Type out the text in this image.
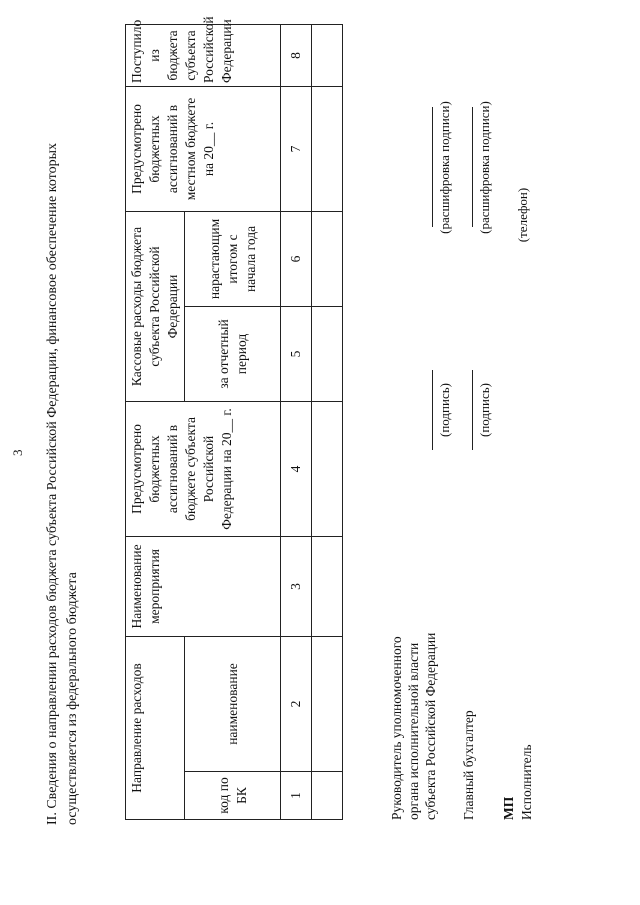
3 II. Сведения о направлении расходов бюджета субъекта Российской Федерации, финансовое обеспечение которых осуществляется из федерального бюджета	Направление расходов		Наименование мероприятия	Предусмотрено бюджетных ассигнований в бюджете субъекта Российской Федерации на 20__ г.	Кассовые расходы бюджета субъекта Российской Федерации		Предусмотрено бюджетных ассигнований в местном бюджете на 20__ г.	Поступило из бюджета субъекта Российской Федерации
код по БК	наименование			за отчетный период	нарастающим итогом с начала года		
1	2	3	4	5	6	7	8

Руководитель уполномоченного органа исполнительной власти субъекта Российской Федерации
(подпись)
(расшифровка подписи)
Главный бухгалтер
(подпись)
(расшифровка подписи)
МП Исполнитель
(телефон)
